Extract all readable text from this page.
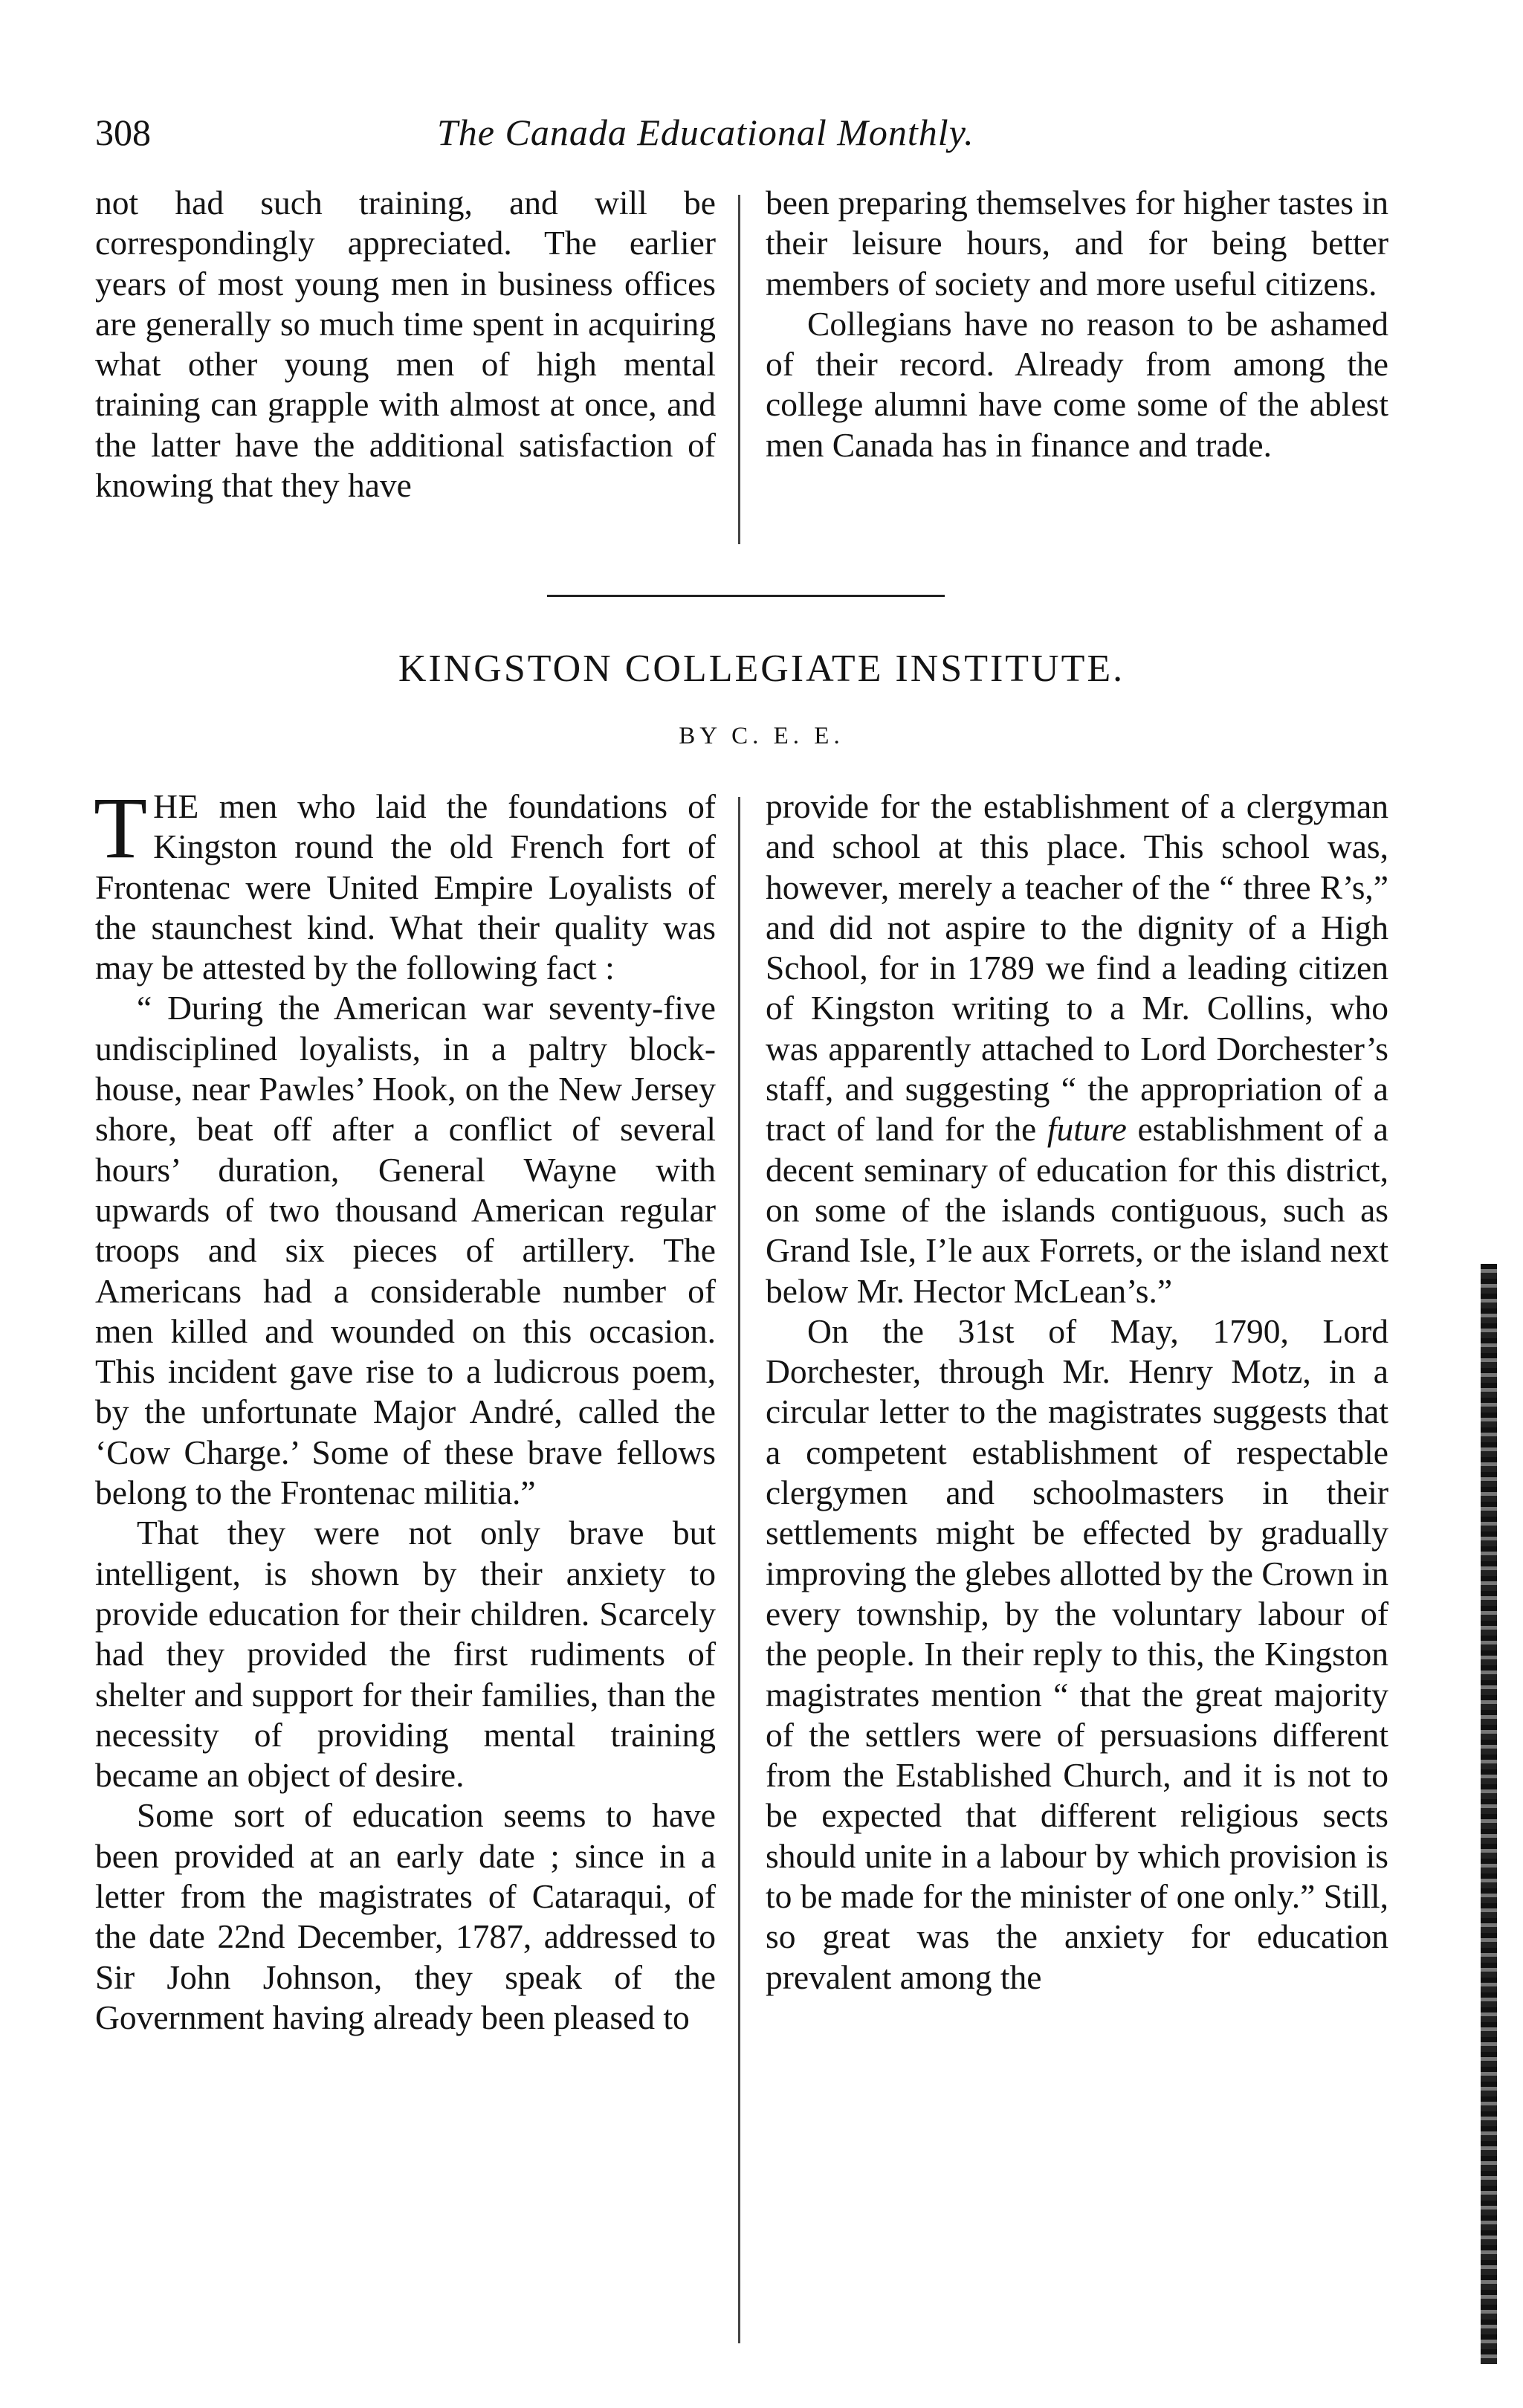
308	The Canada Educational Monthly.

not had such training, and will be correspondingly appreciated. The earlier years of most young men in business offices are generally so much time spent in acquiring what other young men of high mental training can grapple with almost at once, and the latter have the additional satisfaction of knowing that they have

been preparing themselves for higher tastes in their leisure hours, and for being better members of society and more useful citizens.

Collegians have no reason to be ashamed of their record. Already from among the college alumni have come some of the ablest men Canada has in finance and trade.

KINGSTON COLLEGIATE INSTITUTE.
BY C. E. E.

THE men who laid the foundations of Kingston round the old French fort of Frontenac were United Empire Loyalists of the staunchest kind. What their quality was may be attested by the following fact :

“ During the American war seventy-five undisciplined loyalists, in a paltry block-house, near Pawles’ Hook, on the New Jersey shore, beat off after a conflict of several hours’ duration, General Wayne with upwards of two thousand American regular troops and six pieces of artillery. The Americans had a considerable number of men killed and wounded on this occasion. This incident gave rise to a ludicrous poem, by the unfortunate Major André, called the ‘Cow Charge.’ Some of these brave fellows belong to the Frontenac militia.”

That they were not only brave but intelligent, is shown by their anxiety to provide education for their children. Scarcely had they provided the first rudiments of shelter and support for their families, than the necessity of providing mental training became an object of desire.

Some sort of education seems to have been provided at an early date ; since in a letter from the magistrates of Cataraqui, of the date 22nd December, 1787, addressed to Sir John Johnson, they speak of the Government having already been pleased to

provide for the establishment of a clergyman and school at this place. This school was, however, merely a teacher of the “ three R’s,” and did not aspire to the dignity of a High School, for in 1789 we find a leading citizen of Kingston writing to a Mr. Collins, who was apparently attached to Lord Dorchester’s staff, and suggesting “ the appropriation of a tract of land for the future establishment of a decent seminary of education for this district, on some of the islands contiguous, such as Grand Isle, I’le aux Forrets, or the island next below Mr. Hector McLean’s.”

On the 31st of May, 1790, Lord Dorchester, through Mr. Henry Motz, in a circular letter to the magistrates suggests that a competent establishment of respectable clergymen and schoolmasters in their settlements might be effected by gradually improving the glebes allotted by the Crown in every township, by the voluntary labour of the people. In their reply to this, the Kingston magistrates mention “ that the great majority of the settlers were of persuasions different from the Established Church, and it is not to be expected that different religious sects should unite in a labour by which provision is to be made for the minister of one only.” Still, so great was the anxiety for education prevalent among the
